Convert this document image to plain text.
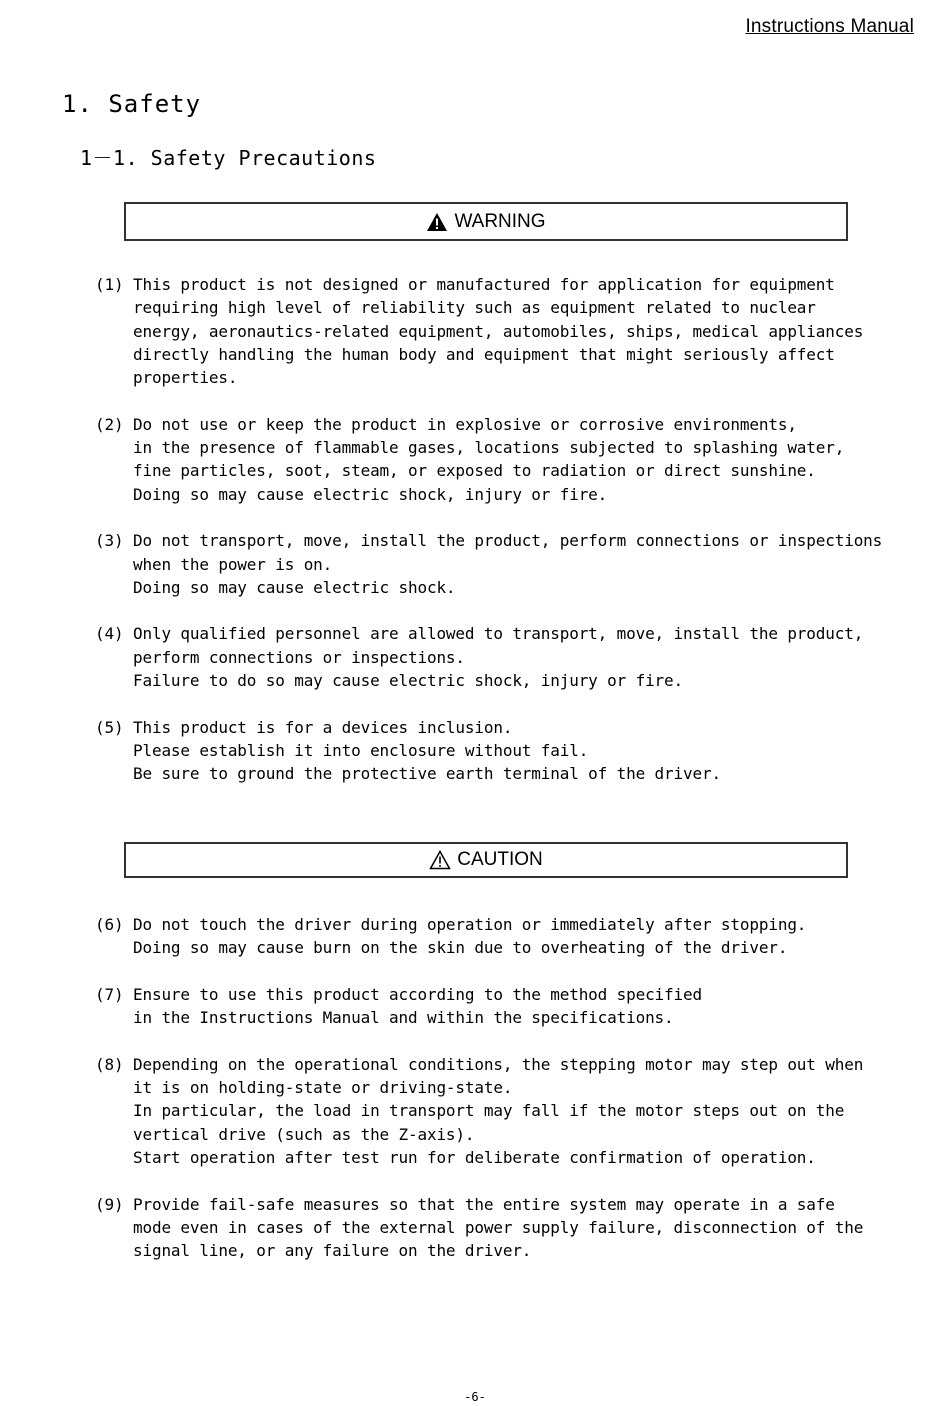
Instructions Manual
1. Safety
1－1. Safety Precautions
WARNING
(1) This product is not designed or manufactured for application for equipment
requiring high level of reliability such as equipment related to nuclear
energy, aeronautics-related equipment, automobiles, ships, medical appliances
directly handling the human body and equipment that might seriously affect
properties.
(2) Do not use or keep the product in explosive or corrosive environments,
in the presence of flammable gases, locations subjected to splashing water,
fine particles, soot, steam, or exposed to radiation or direct sunshine.
Doing so may cause electric shock, injury or fire.
(3) Do not transport, move, install the product, perform connections or inspections
when the power is on.
Doing so may cause electric shock.
(4) Only qualified personnel are allowed to transport, move, install the product,
perform connections or inspections.
Failure to do so may cause electric shock, injury or fire.
(5) This product is for a devices inclusion.
Please establish it into enclosure without fail.
Be sure to ground the protective earth terminal of the driver.
CAUTION
(6) Do not touch the driver during operation or immediately after stopping.
Doing so may cause burn on the skin due to overheating of the driver.
(7) Ensure to use this product according to the method specified
in the Instructions Manual and within the specifications.
(8) Depending on the operational conditions, the stepping motor may step out when
it is on holding-state or driving-state.
In particular, the load in transport may fall if the motor steps out on the
vertical drive (such as the Z-axis).
Start operation after test run for deliberate confirmation of operation.
(9) Provide fail-safe measures so that the entire system may operate in a safe
mode even in cases of the external power supply failure, disconnection of the
signal line, or any failure on the driver.
-6-
